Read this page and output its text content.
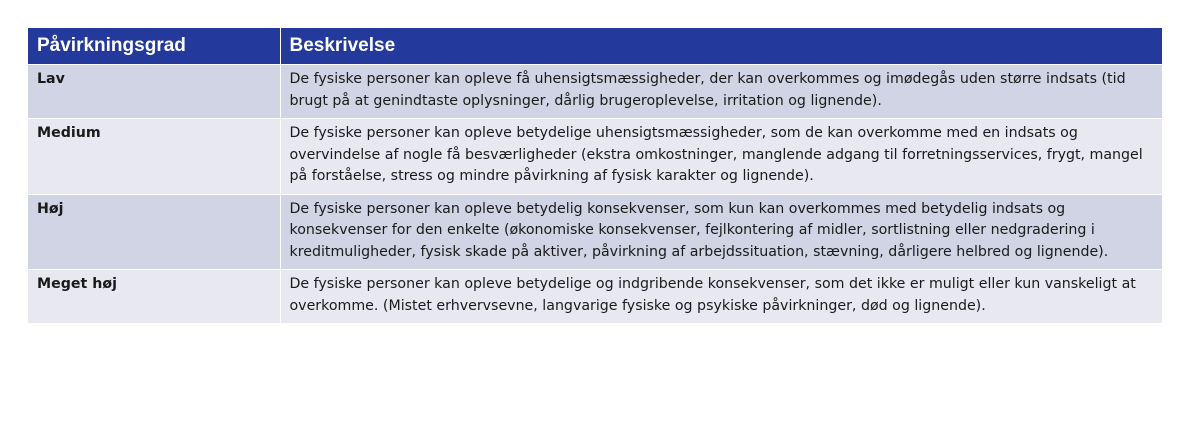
Påvirkningsgrad	Beskrivelse
Lav	De fysiske personer kan opleve få uhensigtsmæssigheder, der kan overkommes og imødegås uden større indsats (tid brugt på at genindtaste oplysninger, dårlig brugeroplevelse, irritation og lignende).
Medium	De fysiske personer kan opleve betydelige uhensigtsmæssigheder, som de kan overkomme med en indsats og overvindelse af nogle få besværligheder (ekstra omkostninger, manglende adgang til forretningsservices, frygt, mangel på forståelse, stress og mindre påvirkning af fysisk karakter og lignende).
Høj	De fysiske personer kan opleve betydelig konsekvenser, som kun kan overkommes med betydelig indsats og konsekvenser for den enkelte (økonomiske konsekvenser, fejlkontering af midler, sortlistning eller nedgradering i kreditmuligheder, fysisk skade på aktiver, påvirkning af arbejdssituation, stævning, dårligere helbred og lignende).
Meget høj	De fysiske personer kan opleve betydelige og indgribende konsekvenser, som det ikke er muligt eller kun vanskeligt at overkomme. (Mistet erhvervsevne, langvarige fysiske og psykiske påvirkninger, død og lignende).
